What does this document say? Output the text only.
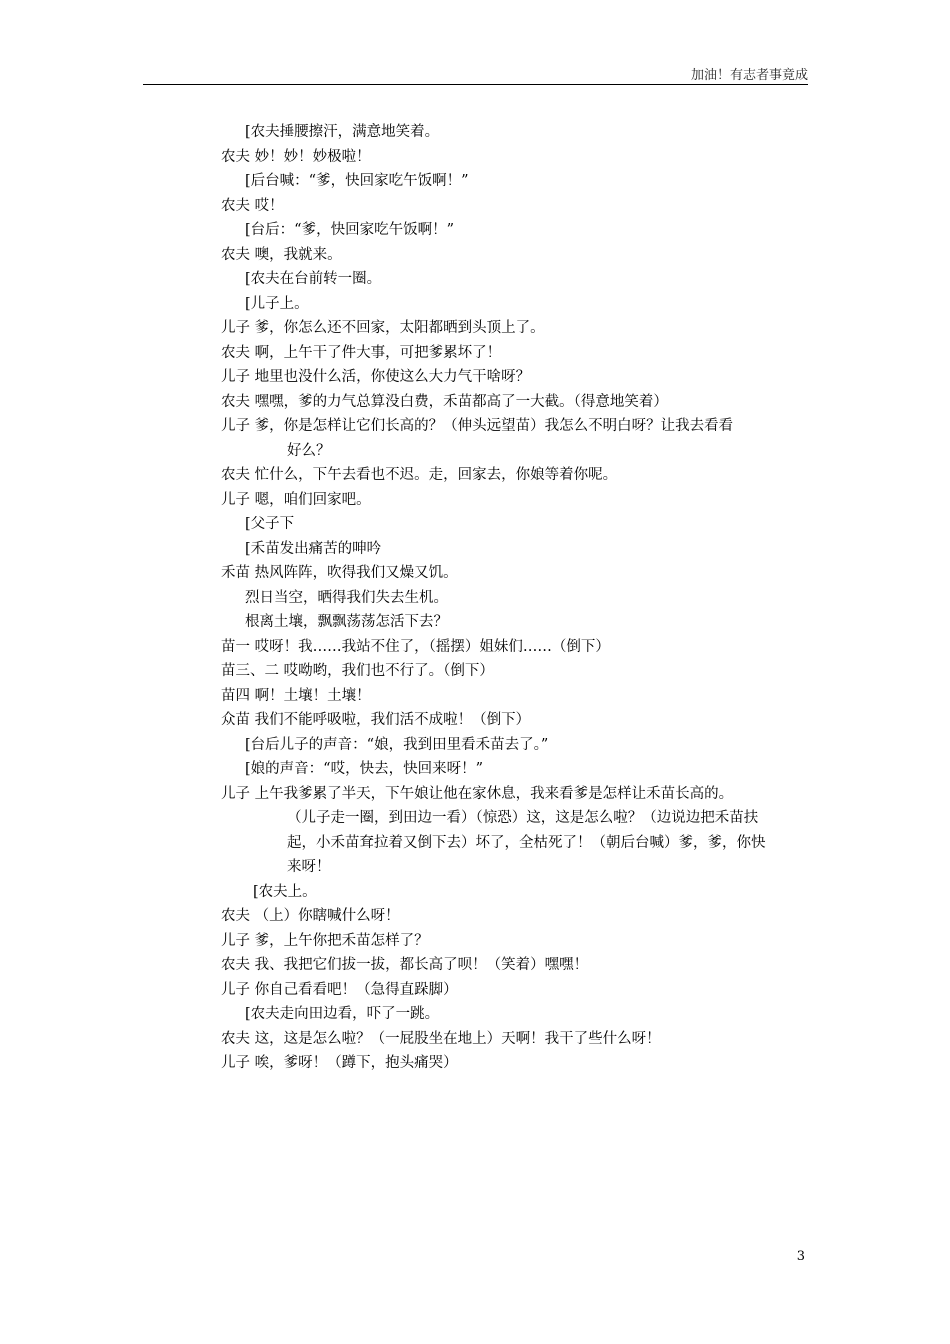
加油！有志者事竟成
[农夫捶腰擦汗，满意地笑着。
农夫 妙！妙！妙极啦！
[后台喊：“爹，快回家吃午饭啊！”
农夫 哎！
[台后：“爹，快回家吃午饭啊！”
农夫 噢，我就来。
[农夫在台前转一圈。
[儿子上。
儿子 爹，你怎么还不回家，太阳都晒到头顶上了。
农夫 啊，上午干了件大事，可把爹累坏了！
儿子 地里也没什么活，你使这么大力气干啥呀？
农夫 嘿嘿，爹的力气总算没白费，禾苗都高了一大截。（得意地笑着）
儿子 爹，你是怎样让它们长高的？（伸头远望苗）我怎么不明白呀？让我去看看
好么？
农夫 忙什么，下午去看也不迟。走，回家去，你娘等着你呢。
儿子 嗯，咱们回家吧。
[父子下
[禾苗发出痛苦的呻吟
禾苗 热风阵阵，吹得我们又燥又饥。
烈日当空，晒得我们失去生机。
根离土壤，飘飘荡荡怎活下去？
苗一 哎呀！我……我站不住了，（摇摆）姐妹们……（倒下）
苗三、二 哎呦哟，我们也不行了。（倒下）
苗四 啊！土壤！土壤！
众苗 我们不能呼吸啦，我们活不成啦！（倒下）
[台后儿子的声音：“娘，我到田里看禾苗去了。”
[娘的声音：“哎，快去，快回来呀！”
儿子 上午我爹累了半天，下午娘让他在家休息，我来看爹是怎样让禾苗长高的。
（儿子走一圈，到田边一看）（惊恐）这，这是怎么啦？（边说边把禾苗扶
起，小禾苗耷拉着又倒下去）坏了，全枯死了！（朝后台喊）爹，爹，你快
来呀！
[农夫上。
农夫 （上）你瞎喊什么呀！
儿子 爹，上午你把禾苗怎样了？
农夫 我、我把它们拔一拔，都长高了呗！（笑着）嘿嘿！
儿子 你自己看看吧！（急得直跺脚）
[农夫走向田边看，吓了一跳。
农夫 这，这是怎么啦？（一屁股坐在地上）天啊！我干了些什么呀！
儿子 唉，爹呀！（蹲下，抱头痛哭）
3
